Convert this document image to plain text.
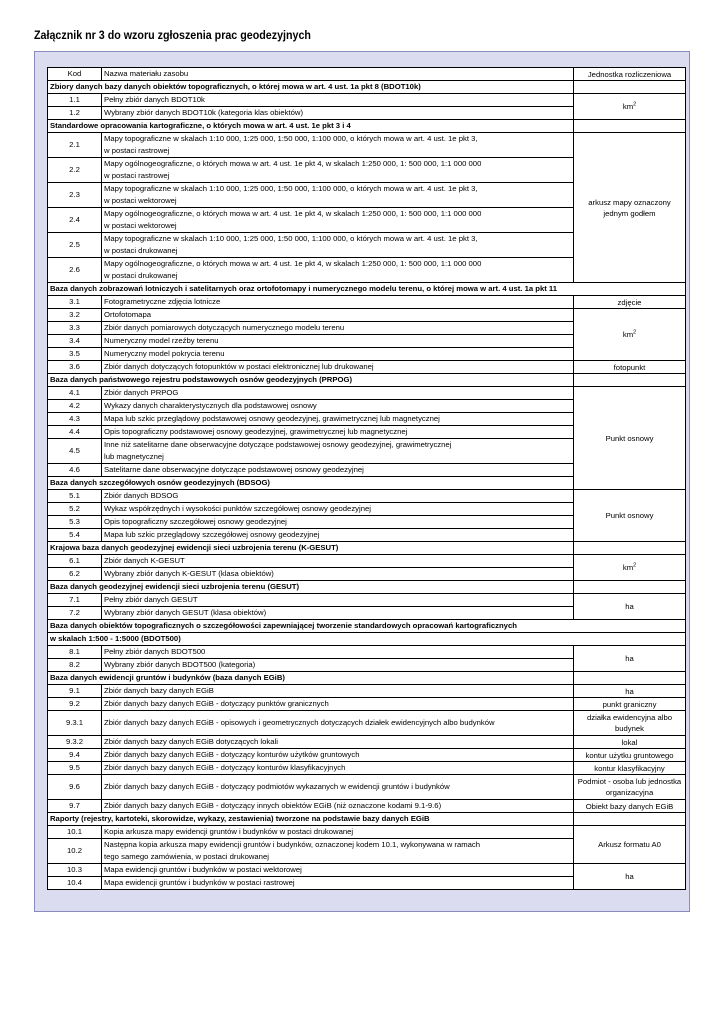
Załącznik nr 3 do wzoru zgłoszenia prac geodezyjnych
Kod	Nazwa materiału zasobu	Jednostka rozliczeniowa
Zbiory danych bazy danych obiektów topograficznych, o której mowa w art. 4 ust. 1a pkt 8 (BDOT10k)		
1.1	Pełny zbiór danych BDOT10k	$km^2$
1.2	Wybrany zbiór danych BDOT10k (kategoria klas obiektów)	
Standardowe opracowania kartograficzne, o których mowa w art. 4 ust. 1e pkt 3 i 4		
2.1	Mapy topograficzne w skalach 1:10 000, 1:25 000, 1:50 000, 1:100 000, o których mowa w art. 4 ust. 1e pkt 3,
w postaci rastrowej	arkusz mapy oznaczony jednym godłem
2.2	Mapy ogólnogeograficzne, o których mowa w art. 4 ust. 1e pkt 4, w skalach 1:250 000, 1: 500 000, 1:1 000 000
w postaci rastrowej	
2.3	Mapy topograficzne w skalach 1:10 000, 1:25 000, 1:50 000, 1:100 000, o których mowa w art. 4 ust. 1e pkt 3,
w postaci wektorowej	
2.4	Mapy ogólnogeograficzne, o których mowa w art. 4 ust. 1e pkt 4, w skalach 1:250 000, 1: 500 000, 1:1 000 000
w postaci wektorowej	
2.5	Mapy topograficzne w skalach 1:10 000, 1:25 000, 1:50 000, 1:100 000, o których mowa w art. 4 ust. 1e pkt 3,
w postaci drukowanej	
2.6	Mapy ogólnogeograficzne, o których mowa w art. 4 ust. 1e pkt 4, w skalach 1:250 000, 1: 500 000, 1:1 000 000
w postaci drukowanej	
Baza danych zobrazowań lotniczych i satelitarnych oraz ortofotomapy i numerycznego modelu terenu, o której mowa w art. 4 ust. 1a pkt 11		
3.1	Fotogrametryczne zdjęcia lotnicze	zdjęcie
3.2	Ortofotomapa	$km^2$
3.3	Zbiór danych pomiarowych dotyczących numerycznego modelu terenu	
3.4	Numeryczny model rzeźby terenu	
3.5	Numeryczny model pokrycia terenu	
3.6	Zbiór danych dotyczących fotopunktów w postaci elektronicznej lub drukowanej	fotopunkt
Baza danych państwowego rejestru podstawowych osnów geodezyjnych (PRPOG)		
4.1	Zbiór danych PRPOG	Punkt osnowy
4.2	Wykazy danych charakterystycznych dla podstawowej osnowy	
4.3	Mapa lub szkic przeglądowy podstawowej osnowy geodezyjnej, grawimetrycznej lub magnetycznej	
4.4	Opis topograficzny podstawowej osnowy geodezyjnej, grawimetrycznej lub magnetycznej	
4.5	Inne niż satelitarne dane obserwacyjne dotyczące podstawowej osnowy geodezyjnej, grawimetrycznej
lub magnetycznej	
4.6	Satelitarne dane obserwacyjne dotyczące podstawowej osnowy geodezyjnej	
Baza danych szczegółowych osnów geodezyjnych (BDSOG)		
5.1	Zbiór danych BDSOG	Punkt osnowy
5.2	Wykaz współrzędnych i wysokości punktów szczegółowej osnowy geodezyjnej	
5.3	Opis topograficzny szczegółowej osnowy geodezyjnej	
5.4	Mapa lub szkic przeglądowy szczegółowej osnowy geodezyjnej	
Krajowa baza danych geodezyjnej ewidencji sieci uzbrojenia terenu (K-GESUT)		
6.1	Zbiór danych K-GESUT	$km^2$
6.2	Wybrany zbiór danych K-GESUT (klasa obiektów)	
Baza danych geodezyjnej ewidencji sieci uzbrojenia terenu (GESUT)		
7.1	Pełny zbiór danych GESUT	ha
7.2	Wybrany zbiór danych GESUT (klasa obiektów)	
Baza danych obiektów topograficznych o szczegółowości zapewniającej tworzenie standardowych opracowań kartograficznych		
w skalach 1:500 - 1:5000 (BDOT500)		
8.1	Pełny zbiór danych BDOT500	ha
8.2	Wybrany zbiór danych BDOT500 (kategoria)	
Baza danych ewidencji gruntów i budynków (baza danych EGiB)		
9.1	Zbiór danych bazy danych EGiB	ha
9.2	Zbiór danych bazy danych EGiB - dotyczący punktów granicznych	punkt graniczny
9.3.1	Zbiór danych bazy danych EGiB - opisowych i geometrycznych dotyczących działek ewidencyjnych albo budynków	działka ewidencyjna albo budynek
9.3.2	Zbiór danych bazy danych EGiB dotyczących lokali	lokal
9.4	Zbiór danych bazy danych EGiB - dotyczący konturów użytków gruntowych	kontur użytku gruntowego
9.5	Zbiór danych bazy danych EGiB - dotyczący konturów klasyfikacyjnych	kontur klasyfikacyjny
9.6	Zbiór danych bazy danych EGiB - dotyczący podmiotów wykazanych w ewidencji gruntów i budynków	Podmiot - osoba lub jednostka organizacyjna
9.7	Zbiór danych bazy danych EGiB - dotyczący innych obiektów EGiB (niż oznaczone kodami 9.1-9.6)	Obiekt bazy danych EGiB
Raporty (rejestry, kartoteki, skorowidze, wykazy, zestawienia) tworzone na podstawie bazy danych EGiB		
10.1	Kopia arkusza mapy ewidencji gruntów i budynków w postaci drukowanej	Arkusz formatu A0
10.2	Następna kopia arkusza mapy ewidencji gruntów i budynków, oznaczonej kodem 10.1, wykonywana w ramach
tego samego zamówienia, w postaci drukowanej	
10.3	Mapa ewidencji gruntów i budynków w postaci wektorowej	ha
10.4	Mapa ewidencji gruntów i budynków w postaci rastrowej	
